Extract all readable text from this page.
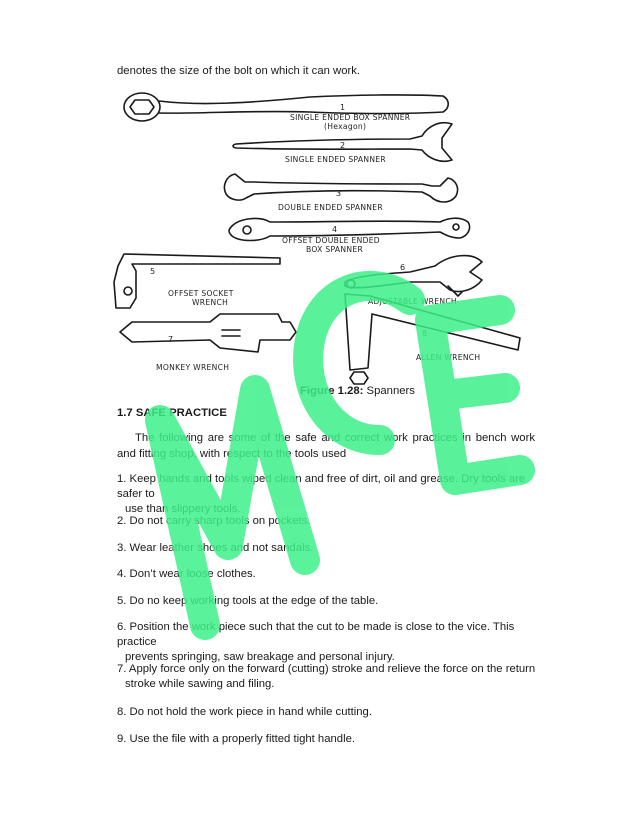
denotes the size of the bolt on which it can work.
1
SINGLE ENDED BOX SPANNER
(Hexagon)
2
SINGLE ENDED SPANNER
3
DOUBLE ENDED SPANNER
4
OFFSET DOUBLE ENDED
BOX SPANNER
5
OFFSET SOCKET
WRENCH
6
ADJUSTABLE WRENCH
7
MONKEY WRENCH
8
ALLEN WRENCH
Figure 1.28: Spanners
1.7 SAFE PRACTICE
The following are some of the safe and correct work practices in bench work and fitting shop, with respect to the tools used
1. Keep hands and tools wiped clean and free of dirt, oil and grease. Dry tools are safer to
use than slippery tools.
2. Do not carry sharp tools on pockets.
3. Wear leather shoes and not sandals.
4. Don’t wear loose clothes.
5. Do no keep working tools at the edge of the table.
6. Position the work piece such that the cut to be made is close to the vice. This practice
prevents springing, saw breakage and personal injury.
7. Apply force only on the forward (cutting) stroke and relieve the force on the return
stroke while sawing and filing.
8. Do not hold the work piece in hand while cutting.
9. Use the file with a properly fitted tight handle.
